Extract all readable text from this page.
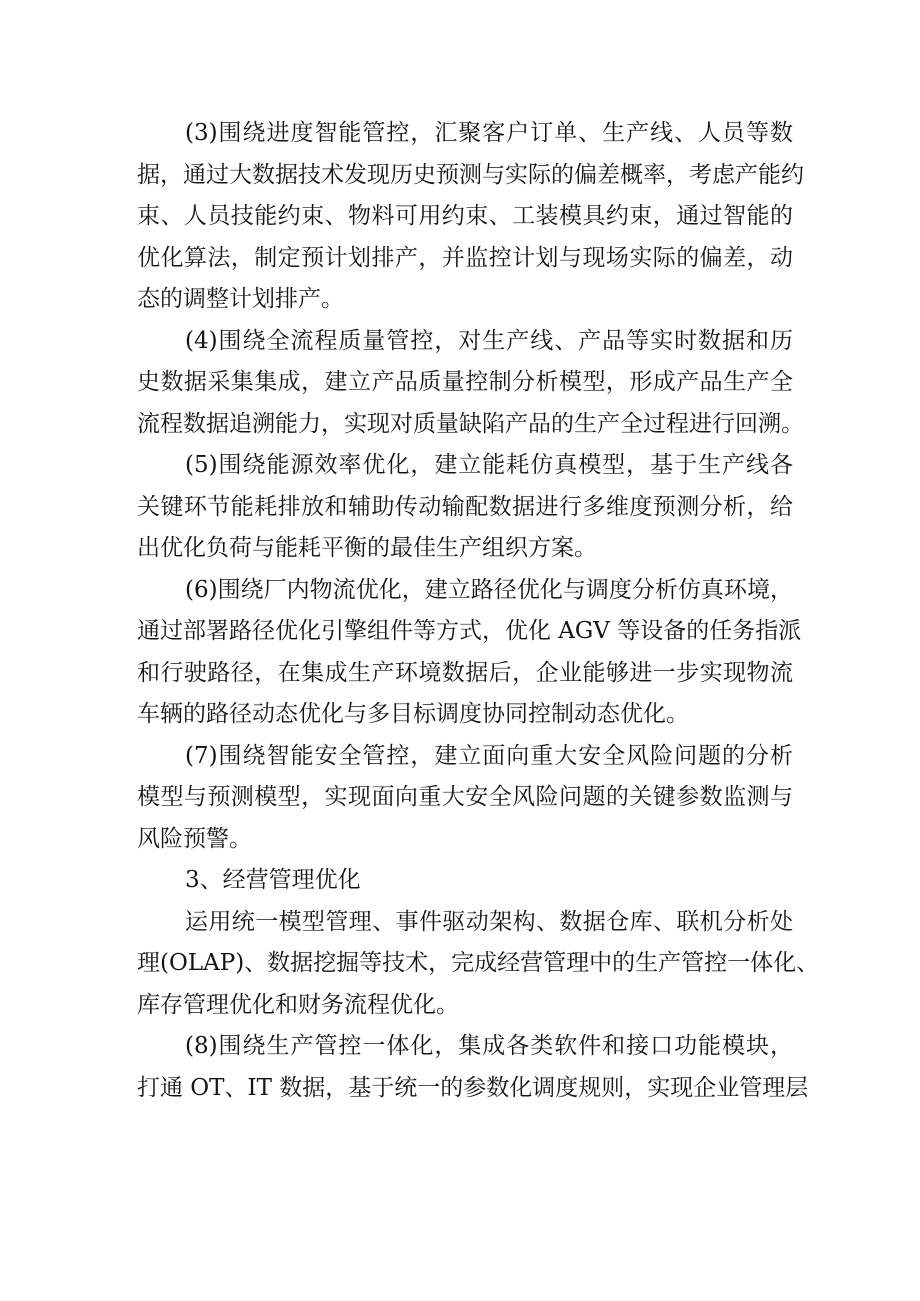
(3)围绕进度智能管控，汇聚客户订单、生产线、人员等数
据，通过大数据技术发现历史预测与实际的偏差概率，考虑产能约
束、人员技能约束、物料可用约束、工装模具约束，通过智能的
优化算法，制定预计划排产，并监控计划与现场实际的偏差，动
态的调整计划排产。

(4)围绕全流程质量管控，对生产线、产品等实时数据和历
史数据采集集成，建立产品质量控制分析模型，形成产品生产全
流程数据追溯能力，实现对质量缺陷产品的生产全过程进行回溯。

(5)围绕能源效率优化，建立能耗仿真模型，基于生产线各
关键环节能耗排放和辅助传动输配数据进行多维度预测分析，给
出优化负荷与能耗平衡的最佳生产组织方案。

(6)围绕厂内物流优化，建立路径优化与调度分析仿真环境，
通过部署路径优化引擎组件等方式，优化 AGV 等设备的任务指派
和行驶路径，在集成生产环境数据后，企业能够进一步实现物流
车辆的路径动态优化与多目标调度协同控制动态优化。

(7)围绕智能安全管控，建立面向重大安全风险问题的分析
模型与预测模型，实现面向重大安全风险问题的关键参数监测与
风险预警。

3、经营管理优化

运用统一模型管理、事件驱动架构、数据仓库、联机分析处
理(OLAP)、数据挖掘等技术，完成经营管理中的生产管控一体化、
库存管理优化和财务流程优化。

(8)围绕生产管控一体化，集成各类软件和接口功能模块，
打通 OT、IT 数据，基于统一的参数化调度规则，实现企业管理层
